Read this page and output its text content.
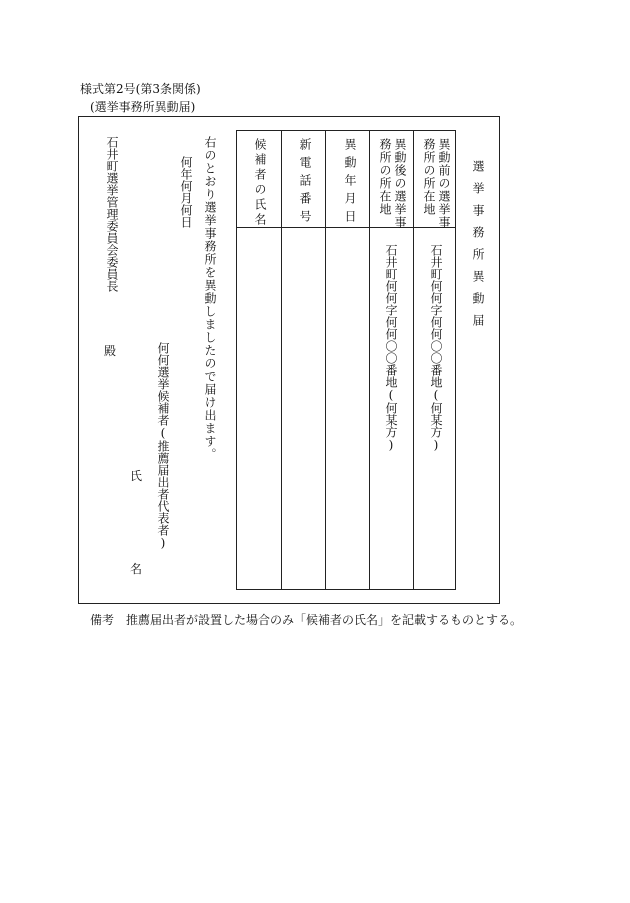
様式第2号(第3条関係)
(選挙事務所異動届)
選挙事務所異動届
異動前の選挙事務所の所在地
異動後の選挙事務所の所在地
異動年月日
新電話番号
候補者の氏名
石井町何何字何何〇〇番地(何某方)
石井町何何字何何〇〇番地(何某方)
右のとおり選挙事務所を異動しましたので届け出ます。
何年何月何日
何何選挙候補者(推薦届出者代表者)
氏
名
石井町選挙管理委員会委員長
殿
備考　推薦届出者が設置した場合のみ「候補者の氏名」を記載するものとする。
